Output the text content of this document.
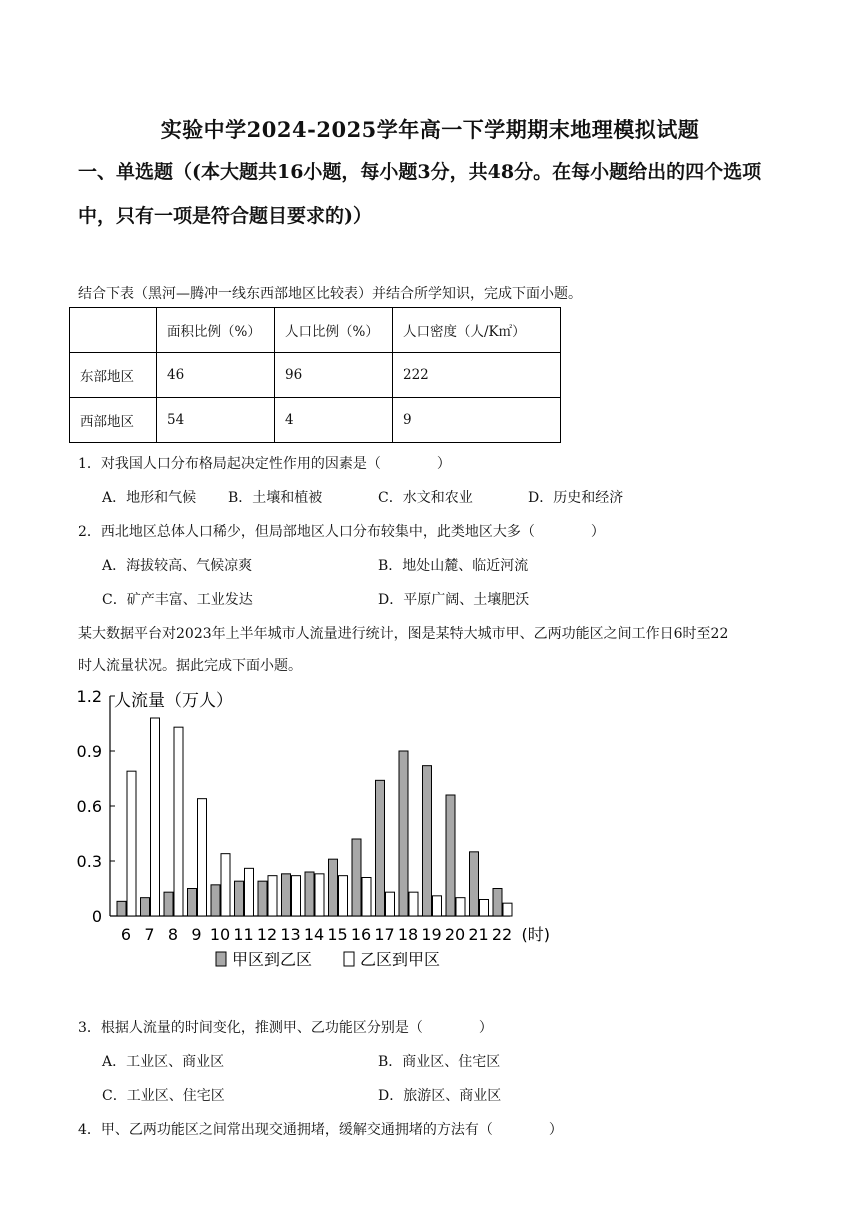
实验中学2024-2025学年高一下学期期末地理模拟试题
一、单选题（(本大题共16小题，每小题3分，共48分。在每小题给出的四个选项中，只有一项是符合题目要求的)）
结合下表（黑河—腾冲一线东西部地区比较表）并结合所学知识，完成下面小题。
	面积比例（%）	人口比例（%）	人口密度（人/K㎡）
东部地区	46	96	222
西部地区	54	4	9
1．对我国人口分布格局起决定性作用的因素是（　　　　）
A．地形和气候 B．土壤和植被	C．水文和农业	D．历史和经济
2．西北地区总体人口稀少，但局部地区人口分布较集中，此类地区大多（　　　　）
A．海拔较高、气候凉爽	B．地处山麓、临近河流
C．矿产丰富、工业发达	D．平原广阔、土壤肥沃
某大数据平台对2023年上半年城市人流量进行统计，图是某特大城市甲、乙两功能区之间工作日6时至22
时人流量状况。据此完成下面小题。
0
0.3
0.6
0.9
1.2 人流量（万人）
6 7 8 9 10 11 12 13 14 15 16 17 18 19 20 21 22 (时)
甲区到乙区	乙区到甲区
3．根据人流量的时间变化，推测甲、乙功能区分别是（　　　　）
A．工业区、商业区	B．商业区、住宅区
C．工业区、住宅区	D．旅游区、商业区
4．甲、乙两功能区之间常出现交通拥堵，缓解交通拥堵的方法有（　　　　）
